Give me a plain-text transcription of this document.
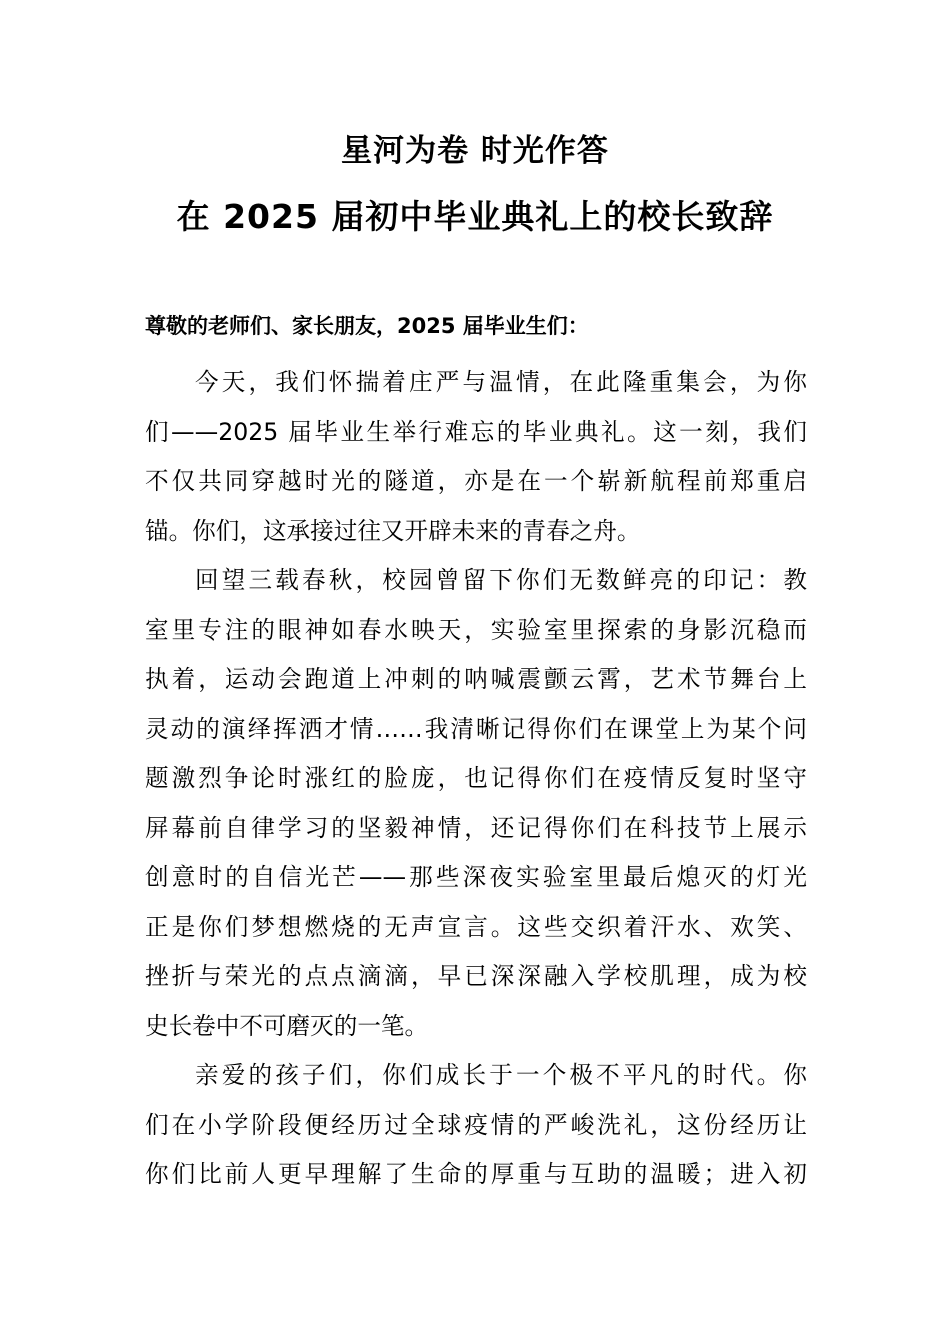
星河为卷 时光作答
在 2025 届初中毕业典礼上的校长致辞
尊敬的老师们、家长朋友，2025 届毕业生们：
今天，我们怀揣着庄严与温情，在此隆重集会，为你
们——2025 届毕业生举行难忘的毕业典礼。这一刻，我们
不仅共同穿越时光的隧道，亦是在一个崭新航程前郑重启
锚。你们，这承接过往又开辟未来的青春之舟。
回望三载春秋，校园曾留下你们无数鲜亮的印记：教
室里专注的眼神如春水映天，实验室里探索的身影沉稳而
执着，运动会跑道上冲刺的呐喊震颤云霄，艺术节舞台上
灵动的演绎挥洒才情……我清晰记得你们在课堂上为某个问
题激烈争论时涨红的脸庞，也记得你们在疫情反复时坚守
屏幕前自律学习的坚毅神情，还记得你们在科技节上展示
创意时的自信光芒——那些深夜实验室里最后熄灭的灯光
正是你们梦想燃烧的无声宣言。这些交织着汗水、欢笑、
挫折与荣光的点点滴滴，早已深深融入学校肌理，成为校
史长卷中不可磨灭的一笔。
亲爱的孩子们，你们成长于一个极不平凡的时代。你
们在小学阶段便经历过全球疫情的严峻洗礼，这份经历让
你们比前人更早理解了生命的厚重与互助的温暖；进入初
